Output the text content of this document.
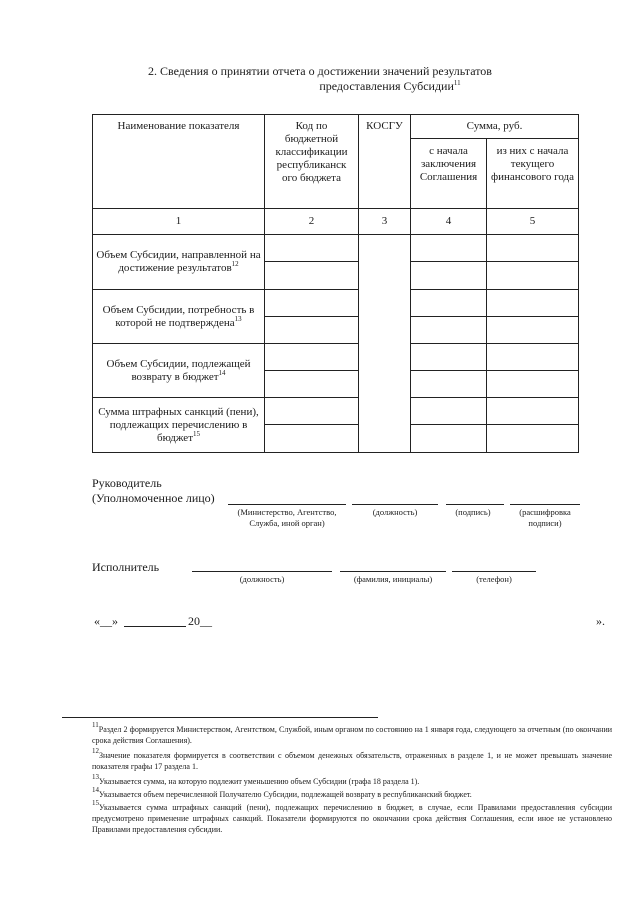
2. Сведения о принятии отчета о достижении значений результатов
предоставления Субсидии$^{11}$
Наименование показателя	Код по бюджетной классификации республиканск ого бюджета	КОСГУ	Сумма, руб.	
			с начала заключения Соглашения	из них с начала текущего финансового года
1	2	3	4	5
Объем Субсидии, направленной на достижение результатов$^{12}$				

Объем Субсидии, потребность в которой не подтверждена$^{13}$			

Объем Субсидии, подлежащей возврату в бюджет$^{14}$			

Сумма штрафных санкций (пени), подлежащих перечислению в бюджет$^{15}$			

Руководитель
(Уполномоченное лицо)
(Министерство, Агентство, Служба, иной орган)
(должность)	(подпись)	(расшифровка подписи)
Исполнитель
(должность)	(фамилия, инициалы)	(телефон)
«__»	20__	».
$^{11}$Раздел 2 формируется Министерством, Агентством, Службой, иным органом по состоянию на 1 января года, следующего за отчетным (по окончании срока действия Соглашения).
$^{12}$Значение показателя формируется в соответствии с объемом денежных обязательств, отраженных в разделе 1, и не может превышать значение показателя графы 17 раздела 1.
$^{13}$Указывается сумма, на которую подлежит уменьшению объем Субсидии (графа 18 раздела 1).
$^{14}$Указывается объем перечисленной Получателю Субсидии, подлежащей возврату в республиканский бюджет.
$^{15}$Указывается сумма штрафных санкций (пени), подлежащих перечислению в бюджет, в случае, если Правилами предоставления субсидии предусмотрено применение штрафных санкций. Показатели формируются по окончании срока действия Соглашения, если иное не установлено Правилами предоставления субсидии.
